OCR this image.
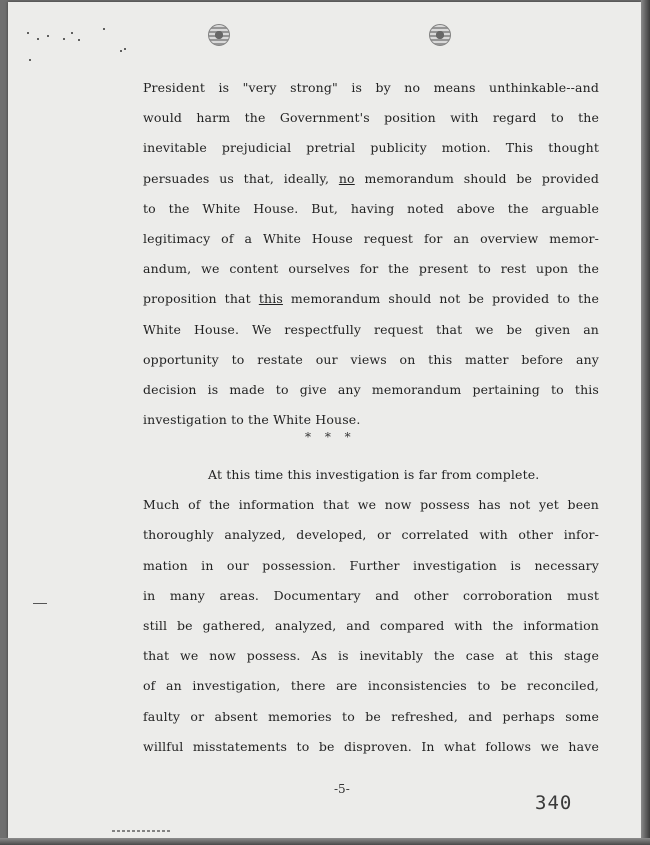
President is "very strong" is by no means unthinkable--and
would harm the Government's position with regard to the
inevitable prejudicial pretrial publicity motion. This thought
persuades us that, ideally, no memorandum should be provided
to the White House. But, having noted above the arguable
legitimacy of a White House request for an overview memor-
andum, we content ourselves for the present to rest upon the
proposition that this memorandum should not be provided to the
White House. We respectfully request that we be given an
opportunity to restate our views on this matter before any
decision is made to give any memorandum pertaining to this
investigation to the White House.
* * *
At this time this investigation is far from complete.
Much of the information that we now possess has not yet been
thoroughly analyzed, developed, or correlated with other infor-
mation in our possession. Further investigation is necessary
in many areas. Documentary and other corroboration must
still be gathered, analyzed, and compared with the information
that we now possess. As is inevitably the case at this stage
of an investigation, there are inconsistencies to be reconciled,
faulty or absent memories to be refreshed, and perhaps some
willful misstatements to be disproven. In what follows we have
-5-
340
